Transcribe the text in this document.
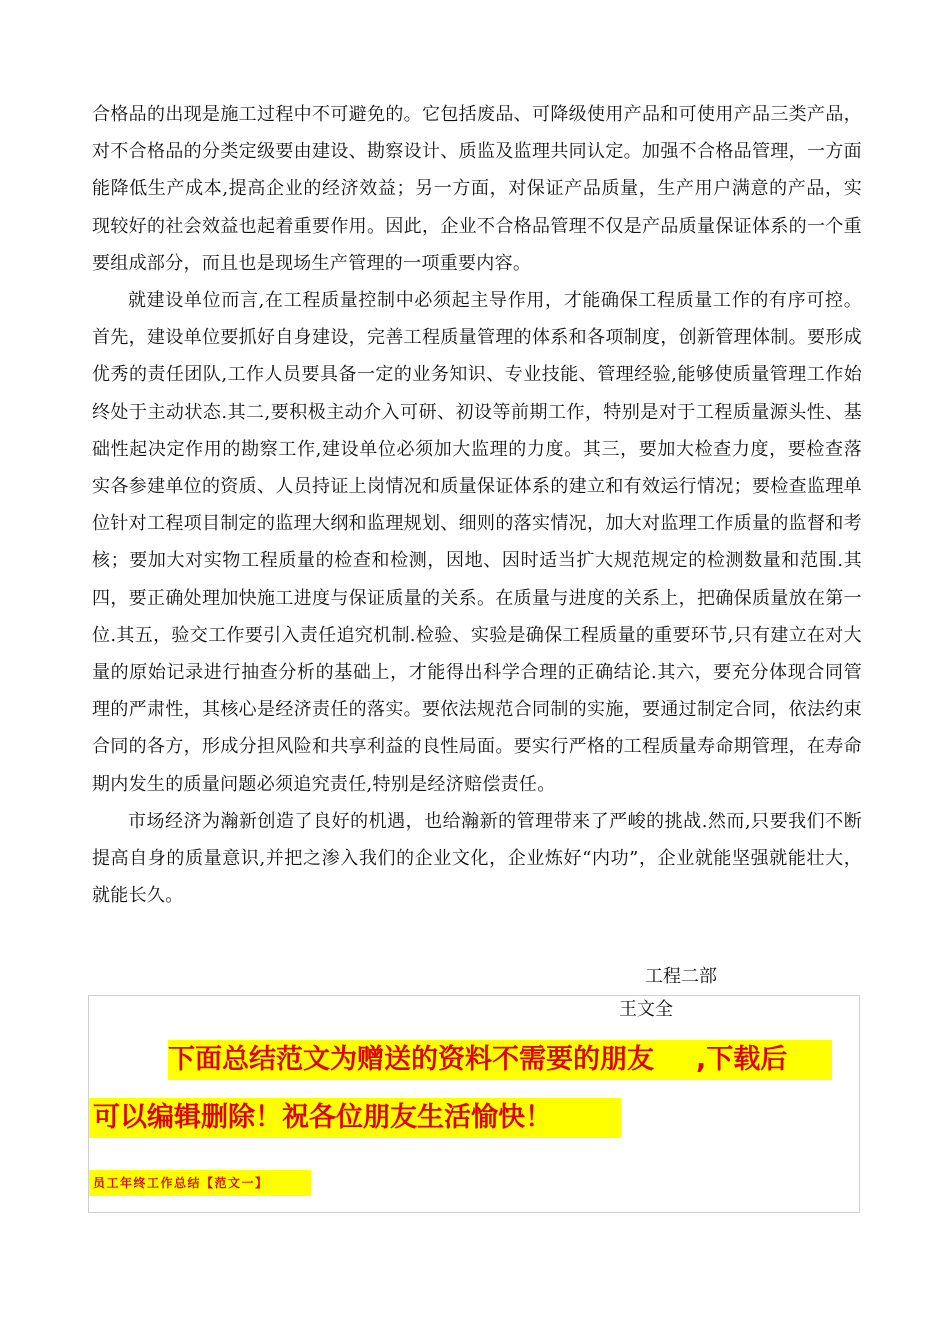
合格品的出现是施工过程中不可避免的。它包括废品、可降级使用产品和可使用产品三类产品，对不合格品的分类定级要由建设、勘察设计、质监及监理共同认定。加强不合格品管理，一方面能降低生产成本,提高企业的经济效益；另一方面，对保证产品质量，生产用户满意的产品，实现较好的社会效益也起着重要作用。因此，企业不合格品管理不仅是产品质量保证体系的一个重要组成部分，而且也是现场生产管理的一项重要内容。

就建设单位而言,在工程质量控制中必须起主导作用，才能确保工程质量工作的有序可控。首先，建设单位要抓好自身建设，完善工程质量管理的体系和各项制度，创新管理体制。要形成优秀的责任团队,工作人员要具备一定的业务知识、专业技能、管理经验,能够使质量管理工作始终处于主动状态.其二,要积极主动介入可研、初设等前期工作，特别是对于工程质量源头性、基础性起决定作用的勘察工作,建设单位必须加大监理的力度。其三，要加大检查力度，要检查落实各参建单位的资质、人员持证上岗情况和质量保证体系的建立和有效运行情况；要检查监理单位针对工程项目制定的监理大纲和监理规划、细则的落实情况，加大对监理工作质量的监督和考核；要加大对实物工程质量的检查和检测，因地、因时适当扩大规范规定的检测数量和范围.其四，要正确处理加快施工进度与保证质量的关系。在质量与进度的关系上，把确保质量放在第一位.其五，验交工作要引入责任追究机制.检验、实验是确保工程质量的重要环节,只有建立在对大量的原始记录进行抽查分析的基础上，才能得出科学合理的正确结论.其六，要充分体现合同管理的严肃性，其核心是经济责任的落实。要依法规范合同制的实施，要通过制定合同，依法约束合同的各方，形成分担风险和共享利益的良性局面。要实行严格的工程质量寿命期管理，在寿命期内发生的质量问题必须追究责任,特别是经济赔偿责任。

市场经济为瀚新创造了良好的机遇，也给瀚新的管理带来了严峻的挑战.然而,只要我们不断提高自身的质量意识,并把之渗入我们的企业文化，企业炼好“内功”，企业就能坚强就能壮大，就能长久。

工程二部
王文全
下面总结范文为赠送的资料不需要的朋友 ,下载后
可以编辑删除！祝各位朋友生活愉快！
员工年终工作总结【范文一】
